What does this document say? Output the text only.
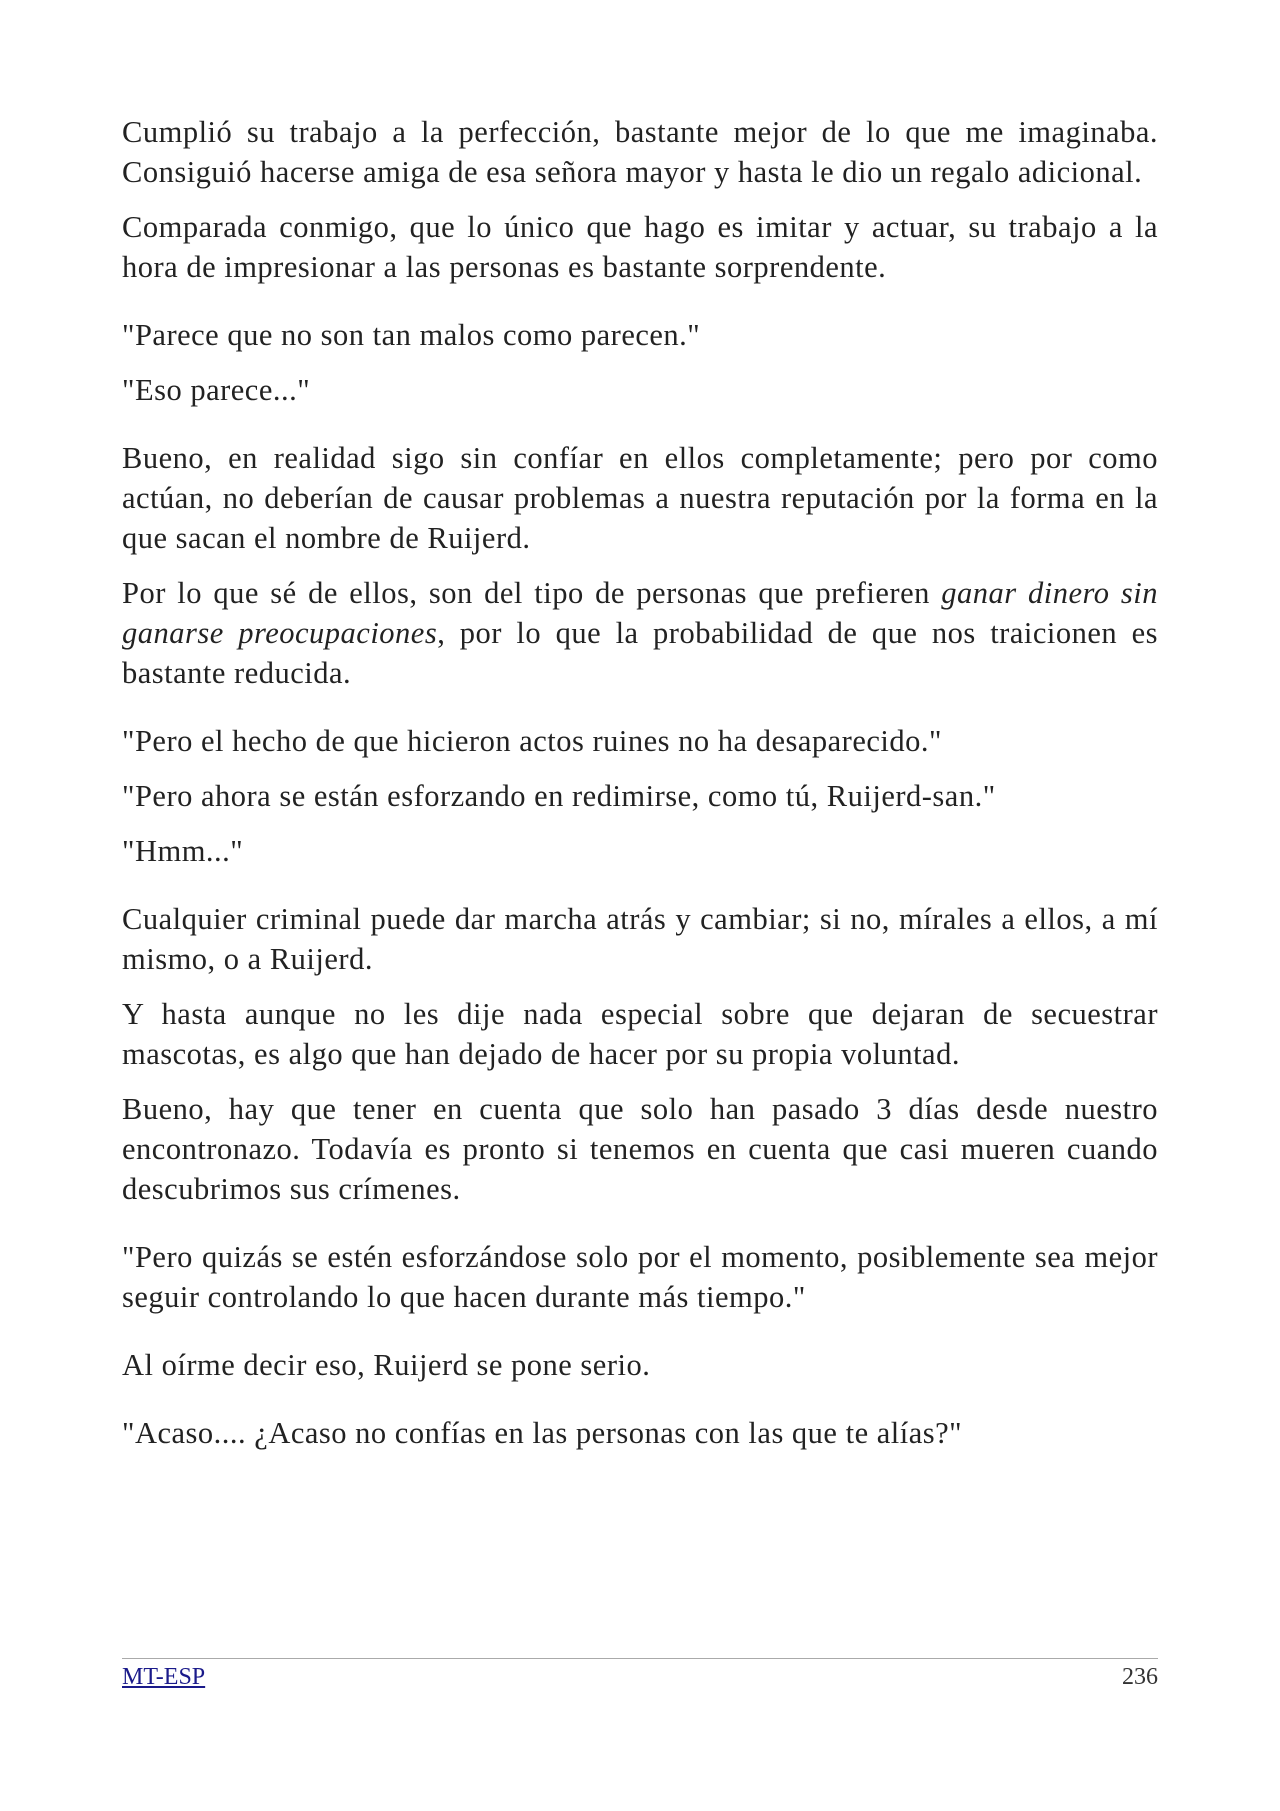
Cumplió su trabajo a la perfección, bastante mejor de lo que me imaginaba. Consiguió hacerse amiga de esa señora mayor y hasta le dio un regalo adicional.

Comparada conmigo, que lo único que hago es imitar y actuar, su trabajo a la hora de impresionar a las personas es bastante sorprendente.

"Parece que no son tan malos como parecen."

"Eso parece..."

Bueno, en realidad sigo sin confíar en ellos completamente; pero por como actúan, no deberían de causar problemas a nuestra reputación por la forma en la que sacan el nombre de Ruijerd.

Por lo que sé de ellos, son del tipo de personas que prefieren ganar dinero sin ganarse preocupaciones, por lo que la probabilidad de que nos traicionen es bastante reducida.

"Pero el hecho de que hicieron actos ruines no ha desaparecido."

"Pero ahora se están esforzando en redimirse, como tú, Ruijerd-san."

"Hmm..."

Cualquier criminal puede dar marcha atrás y cambiar; si no, mírales a ellos, a mí mismo, o a Ruijerd.

Y hasta aunque no les dije nada especial sobre que dejaran de secuestrar mascotas, es algo que han dejado de hacer por su propia voluntad.

Bueno, hay que tener en cuenta que solo han pasado 3 días desde nuestro encontronazo. Todavía es pronto si tenemos en cuenta que casi mueren cuando descubrimos sus crímenes.

"Pero quizás se estén esforzándose solo por el momento, posiblemente sea mejor seguir controlando lo que hacen durante más tiempo."

Al oírme decir eso, Ruijerd se pone serio.

"Acaso.... ¿Acaso no confías en las personas con las que te alías?"

MT-ESP	236
